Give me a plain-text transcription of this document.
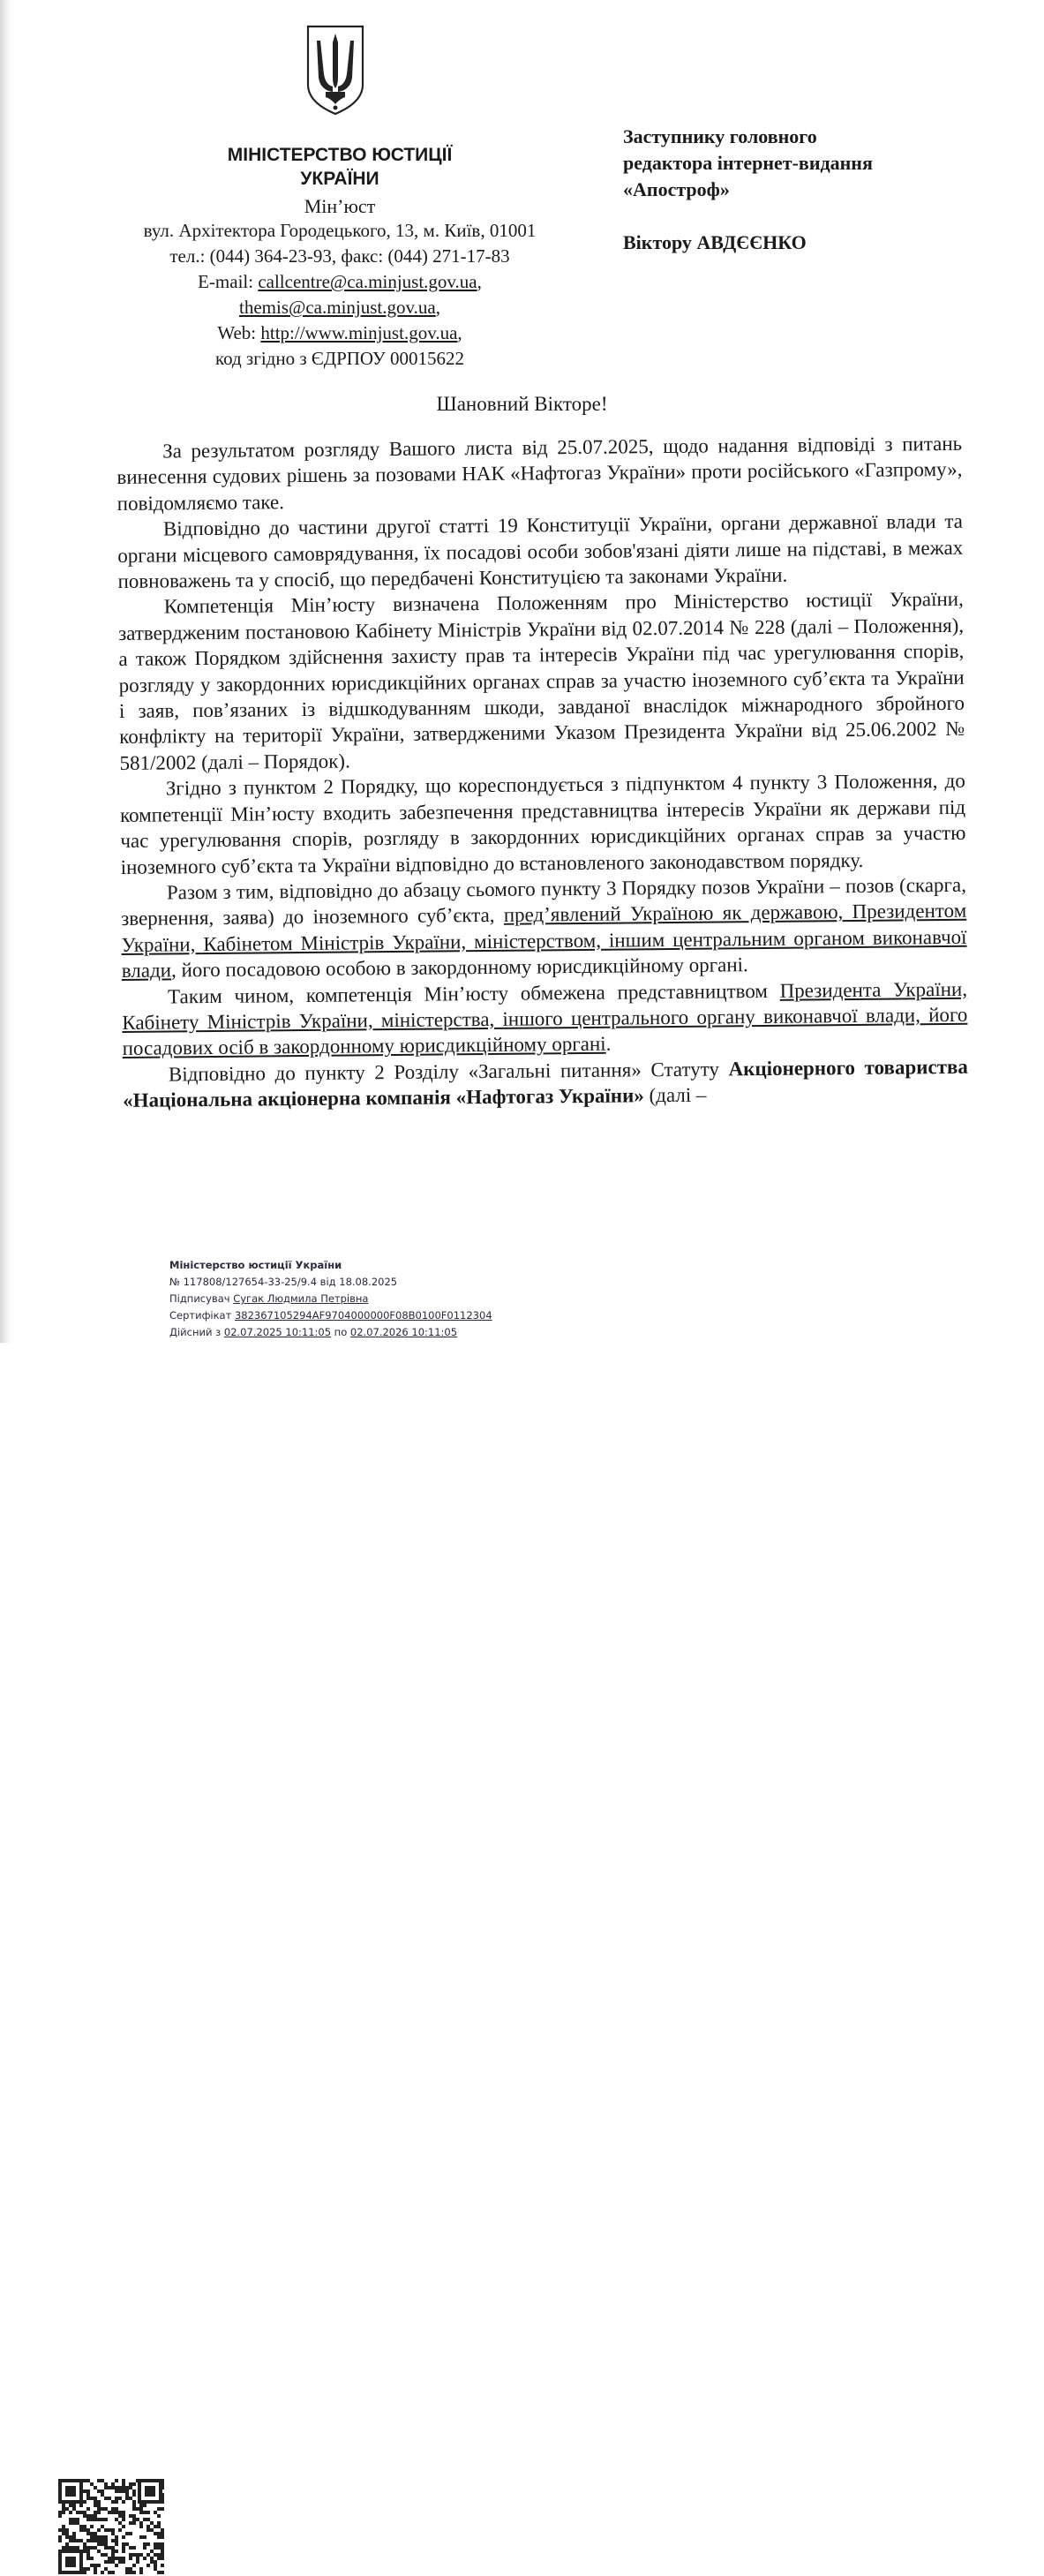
МІНІСТЕРСТВО ЮСТИЦІЇ
УКРАЇНИ
Мін’юст
вул. Архітектора Городецького, 13, м. Київ, 01001
тел.: (044) 364-23-93, факс: (044) 271-17-83
E-mail: callcentre@ca.minjust.gov.ua,
themis@ca.minjust.gov.ua,
Web: http://www.minjust.gov.ua,
код згідно з ЄДРПОУ 00015622
Заступнику головного
редактора інтернет-видання
«Апостроф»
Віктору АВДЄЄНКО
Шановний Вікторе!

За результатом розгляду Вашого листа від 25.07.2025, щодо надання відповіді з питань винесення судових рішень за позовами НАК «Нафтогаз України» проти російського «Газпрому», повідомляємо таке.

Відповідно до частини другої статті 19 Конституції України, органи державної влади та органи місцевого самоврядування, їх посадові особи зобов'язані діяти лише на підставі, в межах повноважень та у спосіб, що передбачені Конституцією та законами України.

Компетенція Мін’юсту визначена Положенням про Міністерство юстиції України, затвердженим постановою Кабінету Міністрів України від 02.07.2014 № 228 (далі – Положення), а також Порядком здійснення захисту прав та інтересів України під час урегулювання спорів, розгляду у закордонних юрисдикційних органах справ за участю іноземного суб’єкта та України і заяв, пов’язаних із відшкодуванням шкоди, завданої внаслідок міжнародного збройного конфлікту на території України, затвердженими Указом Президента України від 25.06.2002 № 581/2002 (далі – Порядок).

Згідно з пунктом 2 Порядку, що кореспондується з підпунктом 4 пункту 3 Положення, до компетенції Мін’юсту входить забезпечення представництва інтересів України як держави під час урегулювання спорів, розгляду в закордонних юрисдикційних органах справ за участю іноземного суб’єкта та України відповідно до встановленого законодавством порядку.

Разом з тим, відповідно до абзацу сьомого пункту 3 Порядку позов України – позов (скарга, звернення, заява) до іноземного суб’єкта, пред’явлений Україною як державою, Президентом України, Кабінетом Міністрів України, міністерством, іншим центральним органом виконавчої влади, його посадовою особою в закордонному юрисдикційному органі.

Таким чином, компетенція Мін’юсту обмежена представництвом Президента України, Кабінету Міністрів України, міністерства, іншого центрального органу виконавчої влади, його посадових осіб в закордонному юрисдикційному органі.

Відповідно до пункту 2 Розділу «Загальні питання» Статуту Акціонерного товариства «Національна акціонерна компанія «Нафтогаз України» (далі –

Міністерство юстиції України
№ 117808/127654-33-25/9.4 від 18.08.2025
Підписувач Сугак Людмила Петрівна
Сертифікат 382367105294AF9704000000F08B0100F0112304
Дійсний з 02.07.2025 10:11:05 по 02.07.2026 10:11:05
